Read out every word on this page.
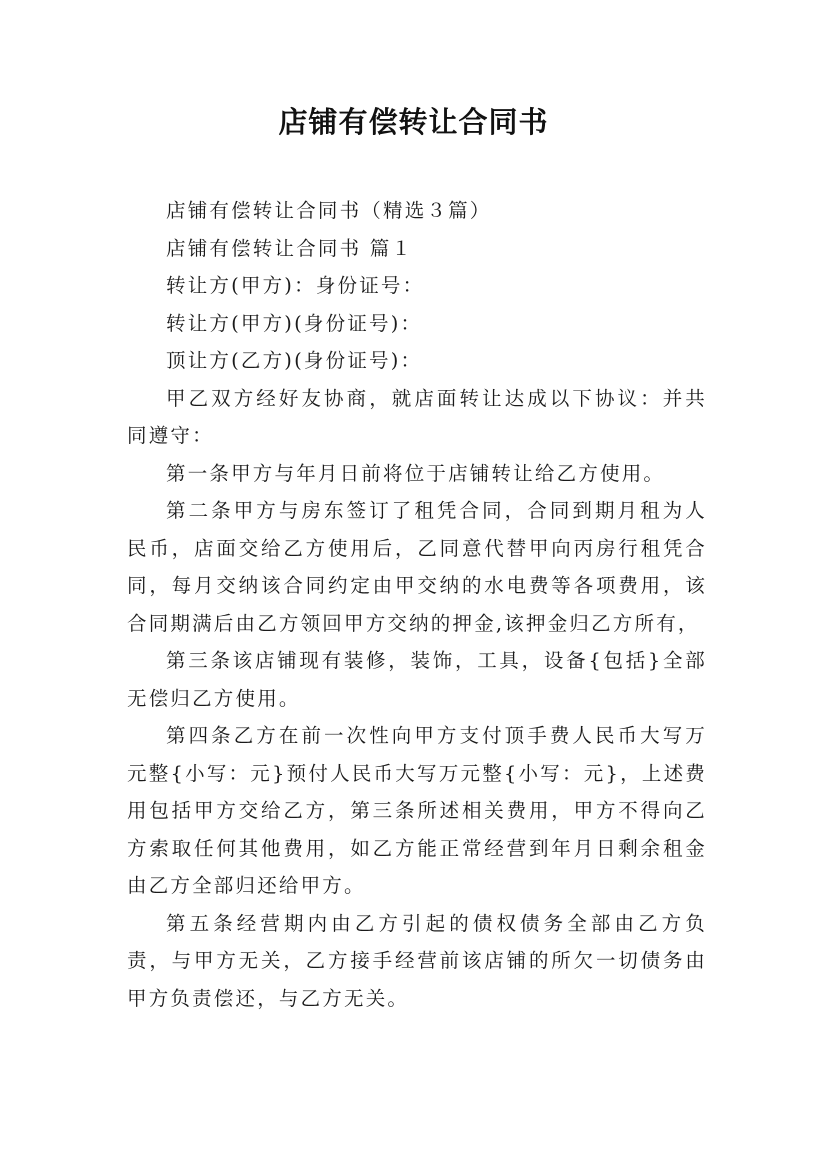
店铺有偿转让合同书

店铺有偿转让合同书（精选３篇）

店铺有偿转让合同书 篇１

转让方(甲方)：身份证号：

转让方(甲方)(身份证号)：

顶让方(乙方)(身份证号)：

甲乙双方经好友协商，就店面转让达成以下协议：并共同遵守：

第一条甲方与年月日前将位于店铺转让给乙方使用。

第二条甲方与房东签订了租凭合同，合同到期月租为人民币，店面交给乙方使用后，乙同意代替甲向丙房行租凭合同，每月交纳该合同约定由甲交纳的水电费等各项费用，该合同期满后由乙方领回甲方交纳的押金,该押金归乙方所有，

第三条该店铺现有装修，装饰，工具，设备{包括}全部无偿归乙方使用。

第四条乙方在前一次性向甲方支付顶手费人民币大写万元整{小写：元}预付人民币大写万元整{小写：元}，上述费用包括甲方交给乙方，第三条所述相关费用，甲方不得向乙方索取任何其他费用，如乙方能正常经营到年月日剩余租金由乙方全部归还给甲方。

第五条经营期内由乙方引起的债权债务全部由乙方负责，与甲方无关，乙方接手经营前该店铺的所欠一切债务由甲方负责偿还，与乙方无关。
